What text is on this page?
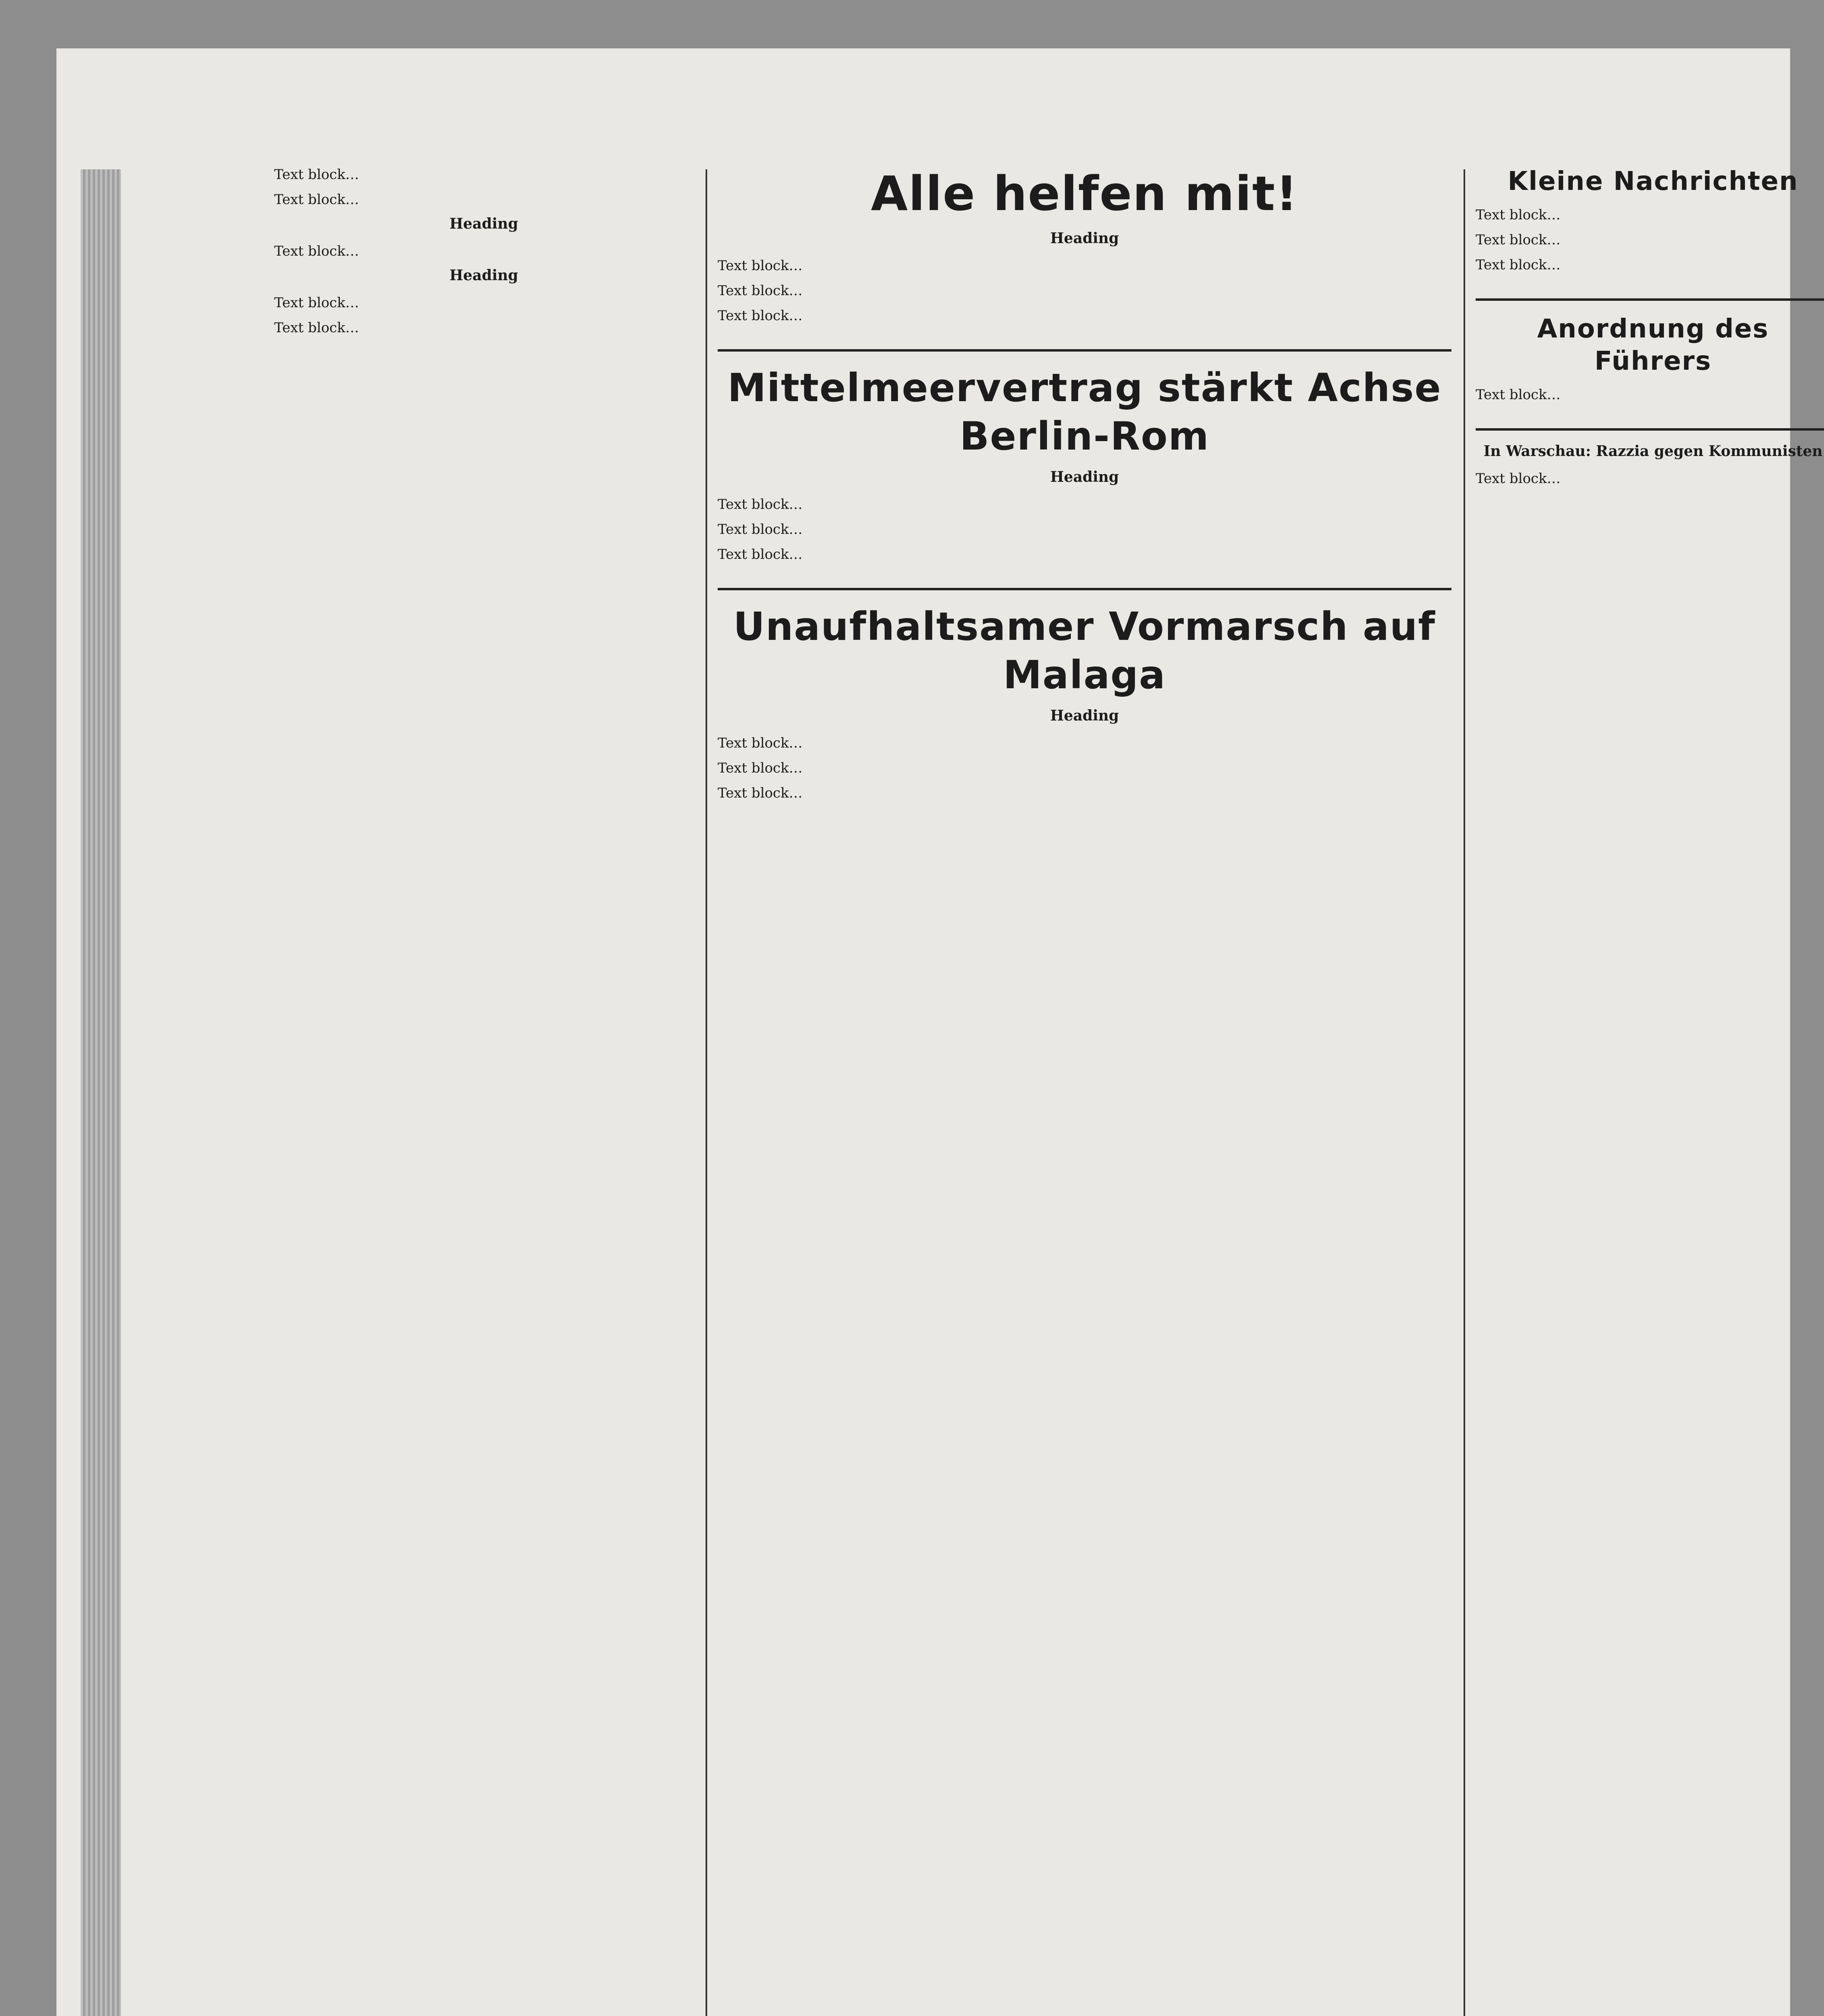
Text block…

Text block…

Heading

Text block…

Heading

Text block…

Text block…

Alle helfen mit!
Heading

Text block…

Text block…

Text block…

Mittelmeervertrag stärkt Achse Berlin-Rom
Heading

Text block…

Text block…

Text block…

Unaufhaltsamer Vormarsch auf Malaga
Heading

Text block…

Text block…

Text block…

Kleine Nachrichten

Text block…

Text block…

Text block…

Anordnung des Führers

Text block…

In Warschau: Razzia gegen Kommunisten

Text block…
